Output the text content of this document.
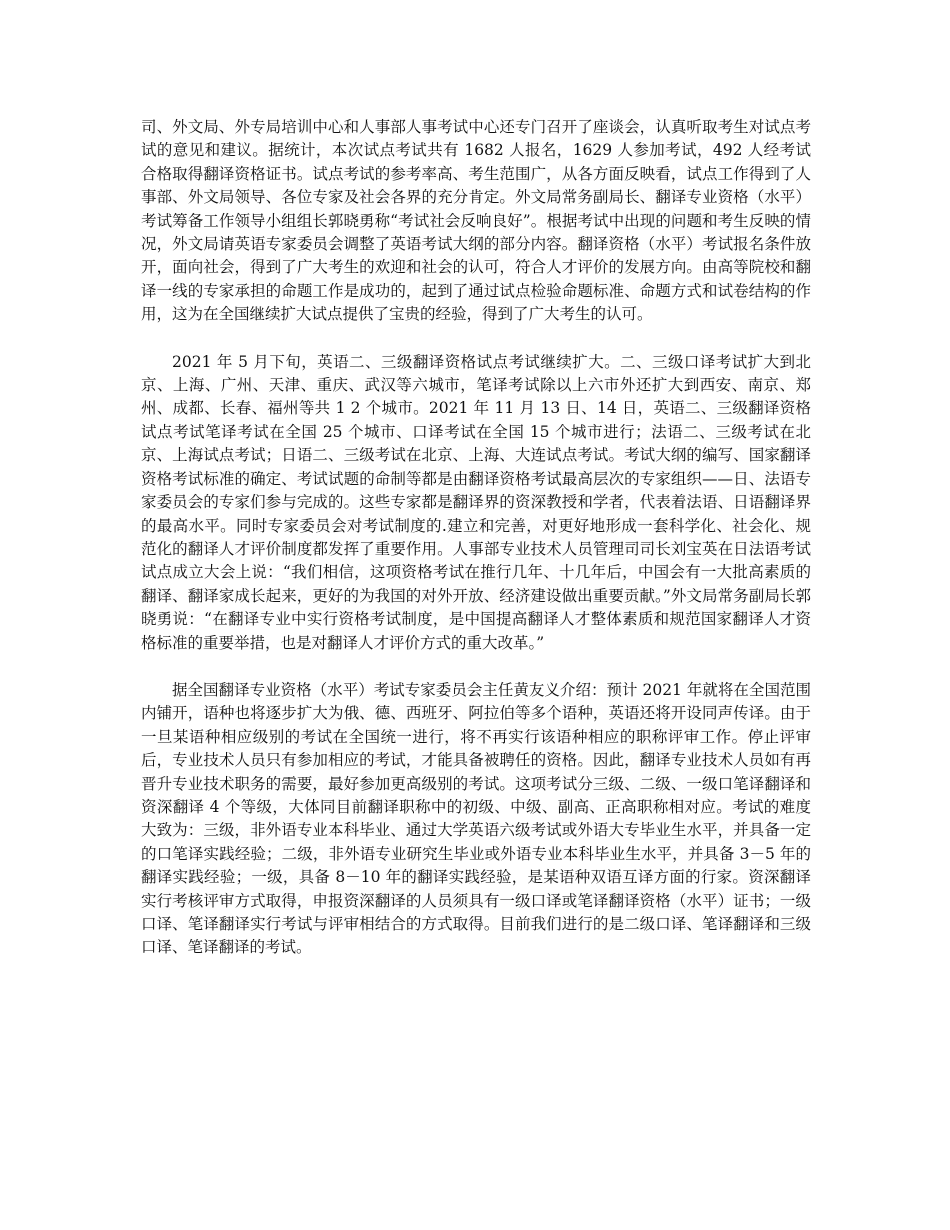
司、外文局、外专局培训中心和人事部人事考试中心还专门召开了座谈会，认真听取考生对试点考试的意见和建议。据统计，本次试点考试共有 1682 人报名，1629 人参加考试，492 人经考试合格取得翻译资格证书。试点考试的参考率高、考生范围广，从各方面反映看，试点工作得到了人事部、外文局领导、各位专家及社会各界的充分肯定。外文局常务副局长、翻译专业资格（水平）考试筹备工作领导小组组长郭晓勇称“考试社会反响良好”。根据考试中出现的问题和考生反映的情况，外文局请英语专家委员会调整了英语考试大纲的部分内容。翻译资格（水平）考试报名条件放开，面向社会，得到了广大考生的欢迎和社会的认可，符合人才评价的发展方向。由高等院校和翻译一线的专家承担的命题工作是成功的，起到了通过试点检验命题标准、命题方式和试卷结构的作用，这为在全国继续扩大试点提供了宝贵的经验，得到了广大考生的认可。

2021 年 5 月下旬，英语二、三级翻译资格试点考试继续扩大。二、三级口译考试扩大到北京、上海、广州、天津、重庆、武汉等六城市，笔译考试除以上六市外还扩大到西安、南京、郑州、成都、长春、福州等共 1 2 个城市。2021 年 11 月 13 日、14 日，英语二、三级翻译资格试点考试笔译考试在全国 25 个城市、口译考试在全国 15 个城市进行；法语二、三级考试在北京、上海试点考试；日语二、三级考试在北京、上海、大连试点考试。考试大纲的编写、国家翻译资格考试标准的确定、考试试题的命制等都是由翻译资格考试最高层次的专家组织——日、法语专家委员会的专家们参与完成的。这些专家都是翻译界的资深教授和学者，代表着法语、日语翻译界的最高水平。同时专家委员会对考试制度的.建立和完善，对更好地形成一套科学化、社会化、规范化的翻译人才评价制度都发挥了重要作用。人事部专业技术人员管理司司长刘宝英在日法语考试试点成立大会上说：“我们相信，这项资格考试在推行几年、十几年后，中国会有一大批高素质的翻译、翻译家成长起来，更好的为我国的对外开放、经济建设做出重要贡献。”外文局常务副局长郭晓勇说：“在翻译专业中实行资格考试制度，是中国提高翻译人才整体素质和规范国家翻译人才资格标准的重要举措，也是对翻译人才评价方式的重大改革。”

据全国翻译专业资格（水平）考试专家委员会主任黄友义介绍：预计 2021 年就将在全国范围内铺开，语种也将逐步扩大为俄、德、西班牙、阿拉伯等多个语种，英语还将开设同声传译。由于一旦某语种相应级别的考试在全国统一进行，将不再实行该语种相应的职称评审工作。停止评审后，专业技术人员只有参加相应的考试，才能具备被聘任的资格。因此，翻译专业技术人员如有再晋升专业技术职务的需要，最好参加更高级别的考试。这项考试分三级、二级、一级口笔译翻译和资深翻译 4 个等级，大体同目前翻译职称中的初级、中级、副高、正高职称相对应。考试的难度大致为：三级，非外语专业本科毕业、通过大学英语六级考试或外语大专毕业生水平，并具备一定的口笔译实践经验；二级，非外语专业研究生毕业或外语专业本科毕业生水平，并具备 3－5 年的翻译实践经验；一级，具备 8－10 年的翻译实践经验，是某语种双语互译方面的行家。资深翻译实行考核评审方式取得，申报资深翻译的人员须具有一级口译或笔译翻译资格（水平）证书；一级口译、笔译翻译实行考试与评审相结合的方式取得。目前我们进行的是二级口译、笔译翻译和三级口译、笔译翻译的考试。
